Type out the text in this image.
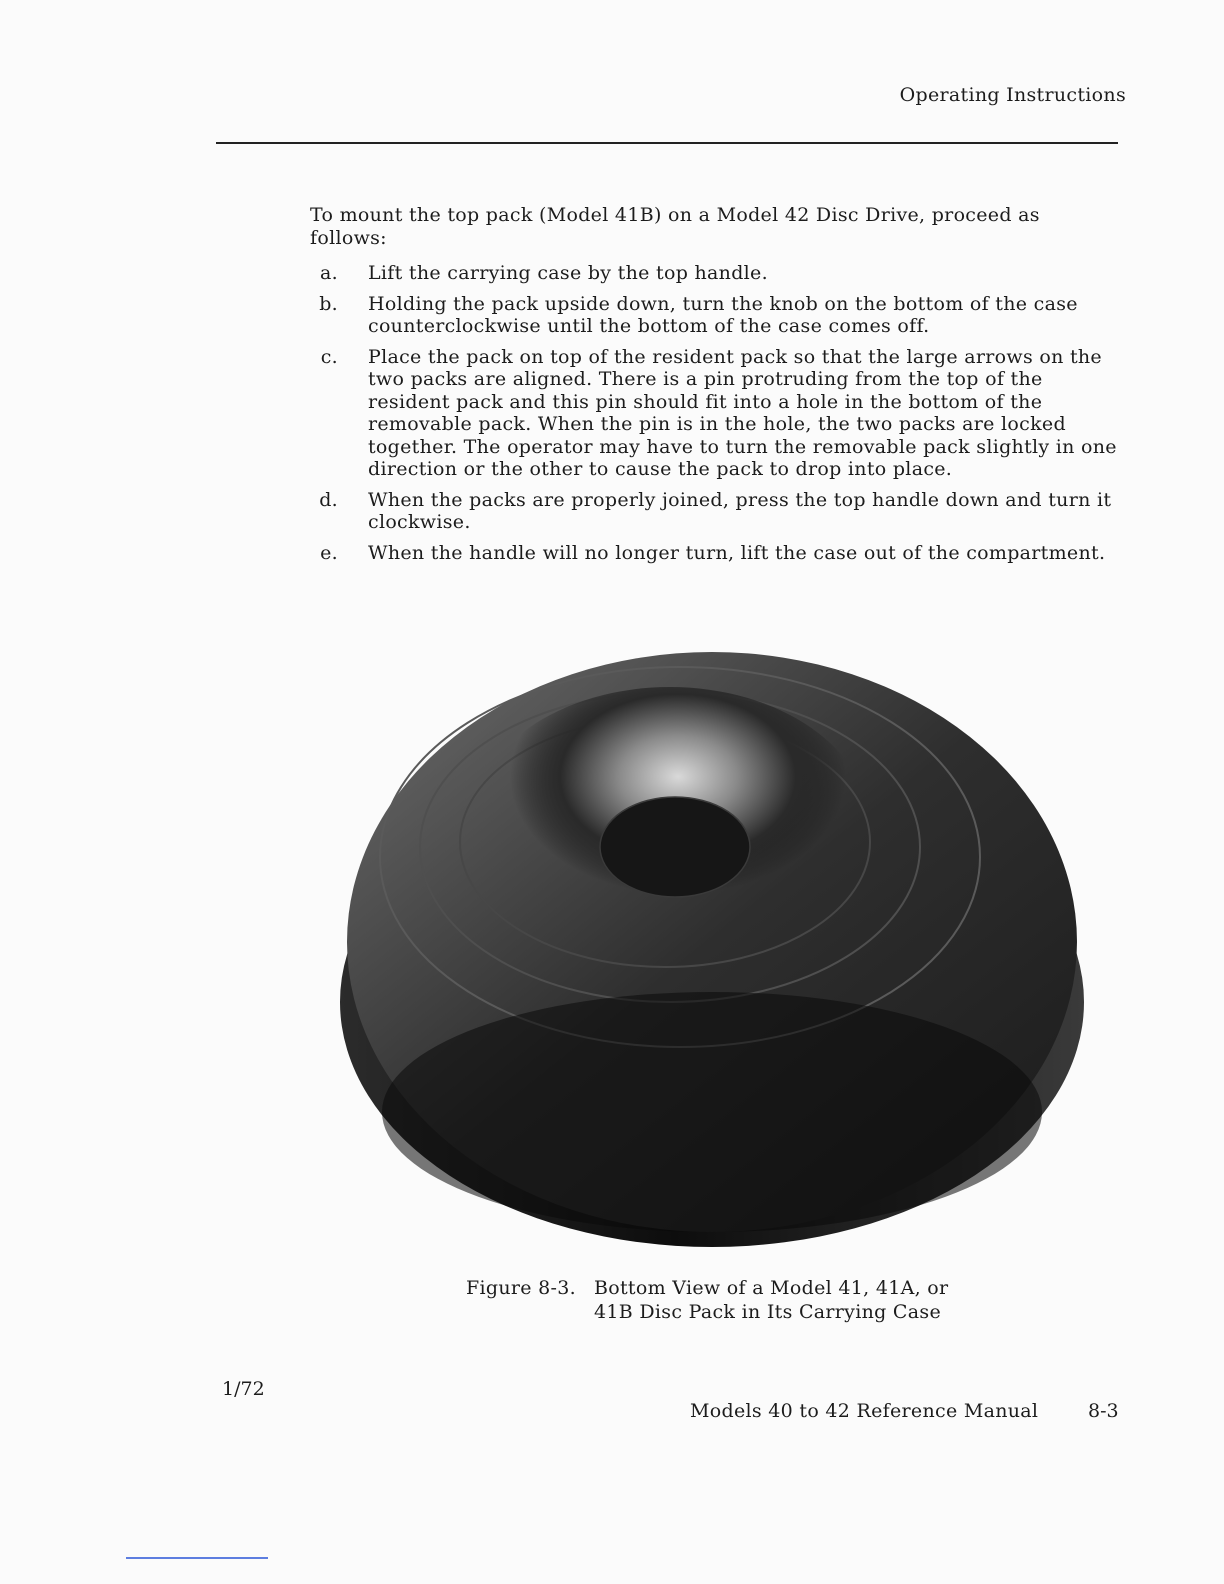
Operating Instructions

To mount the top pack (Model 41B) on a Model 42 Disc Drive, proceed as follows:

a. Lift the carrying case by the top handle.
b. Holding the pack upside down, turn the knob on the bottom of the case counterclockwise until the bottom of the case comes off.
c. Place the pack on top of the resident pack so that the large arrows on the two packs are aligned. There is a pin protruding from the top of the resident pack and this pin should fit into a hole in the bottom of the removable pack. When the pin is in the hole, the two packs are locked together. The operator may have to turn the removable pack slightly in one direction or the other to cause the pack to drop into place.
d. When the packs are properly joined, press the top handle down and turn it clockwise.
e. When the handle will no longer turn, lift the case out of the compartment.
Figure 8-3. Bottom View of a Model 41, 41A, or
41B Disc Pack in Its Carrying Case
1/72
Models 40 to 42 Reference Manual	8-3
